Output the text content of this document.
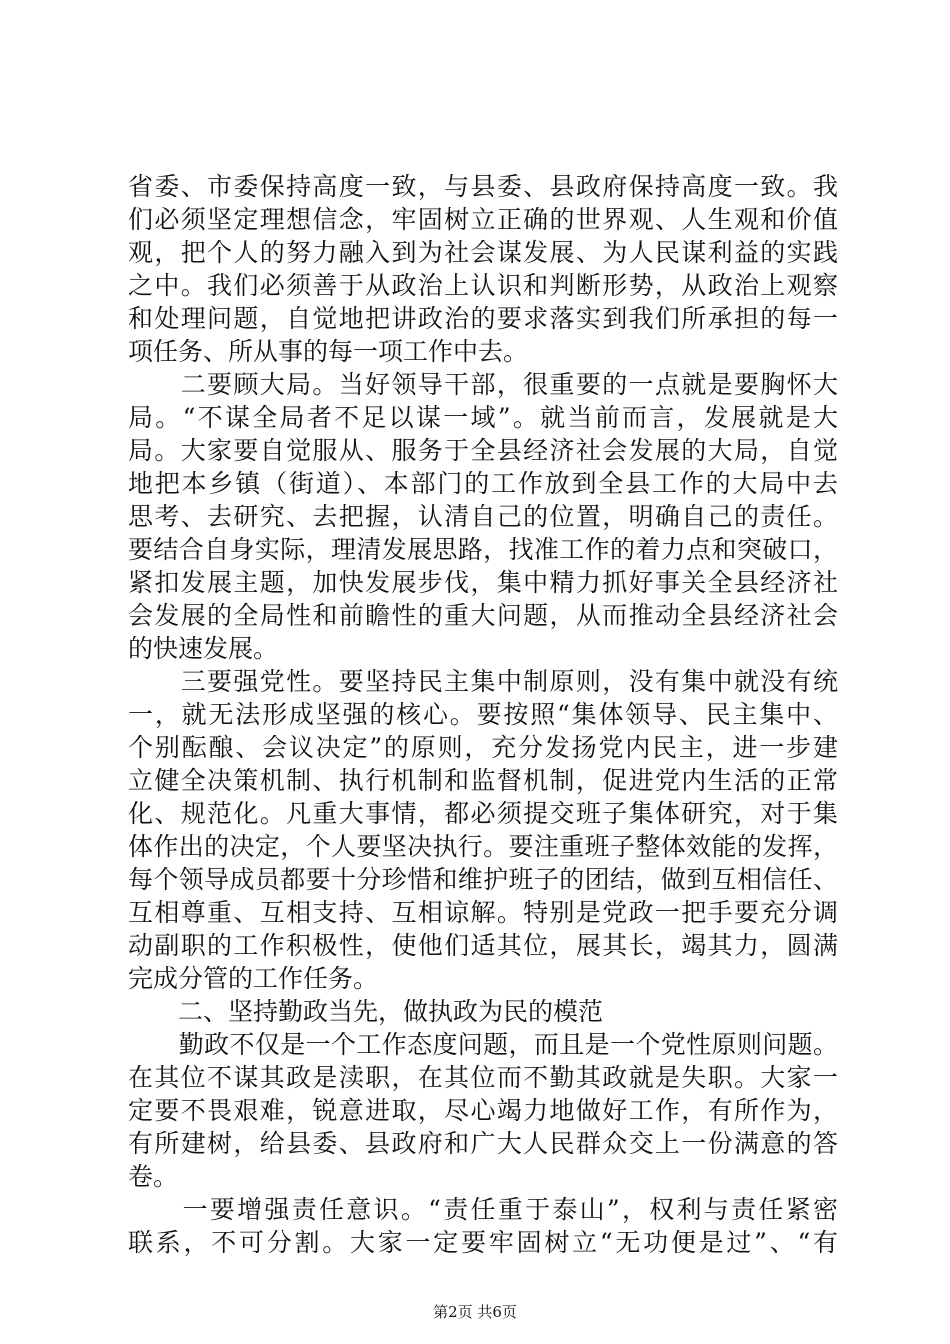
省委、市委保持高度一致，与县委、县政府保持高度一致。我
们必须坚定理想信念，牢固树立正确的世界观、人生观和价值
观，把个人的努力融入到为社会谋发展、为人民谋利益的实践
之中。我们必须善于从政治上认识和判断形势，从政治上观察
和处理问题，自觉地把讲政治的要求落实到我们所承担的每一
项任务、所从事的每一项工作中去。
　　二要顾大局。当好领导干部，很重要的一点就是要胸怀大
局。“不谋全局者不足以谋一域”。就当前而言，发展就是大
局。大家要自觉服从、服务于全县经济社会发展的大局，自觉
地把本乡镇（街道）、本部门的工作放到全县工作的大局中去
思考、去研究、去把握，认清自己的位置，明确自己的责任。
要结合自身实际，理清发展思路，找准工作的着力点和突破口，
紧扣发展主题，加快发展步伐，集中精力抓好事关全县经济社
会发展的全局性和前瞻性的重大问题，从而推动全县经济社会
的快速发展。
　　三要强党性。要坚持民主集中制原则，没有集中就没有统
一，就无法形成坚强的核心。要按照“集体领导、民主集中、
个别酝酿、会议决定”的原则，充分发扬党内民主，进一步建
立健全决策机制、执行机制和监督机制，促进党内生活的正常
化、规范化。凡重大事情，都必须提交班子集体研究，对于集
体作出的决定，个人要坚决执行。要注重班子整体效能的发挥，
每个领导成员都要十分珍惜和维护班子的团结，做到互相信任、
互相尊重、互相支持、互相谅解。特别是党政一把手要充分调
动副职的工作积极性，使他们适其位，展其长，竭其力，圆满
完成分管的工作任务。
　　二、坚持勤政当先，做执政为民的模范
　　勤政不仅是一个工作态度问题，而且是一个党性原则问题。
在其位不谋其政是渎职，在其位而不勤其政就是失职。大家一
定要不畏艰难，锐意进取，尽心竭力地做好工作，有所作为，
有所建树，给县委、县政府和广大人民群众交上一份满意的答
卷。
　　一要增强责任意识。“责任重于泰山”，权利与责任紧密
联系，不可分割。大家一定要牢固树立“无功便是过”、“有
第2页 共6页
